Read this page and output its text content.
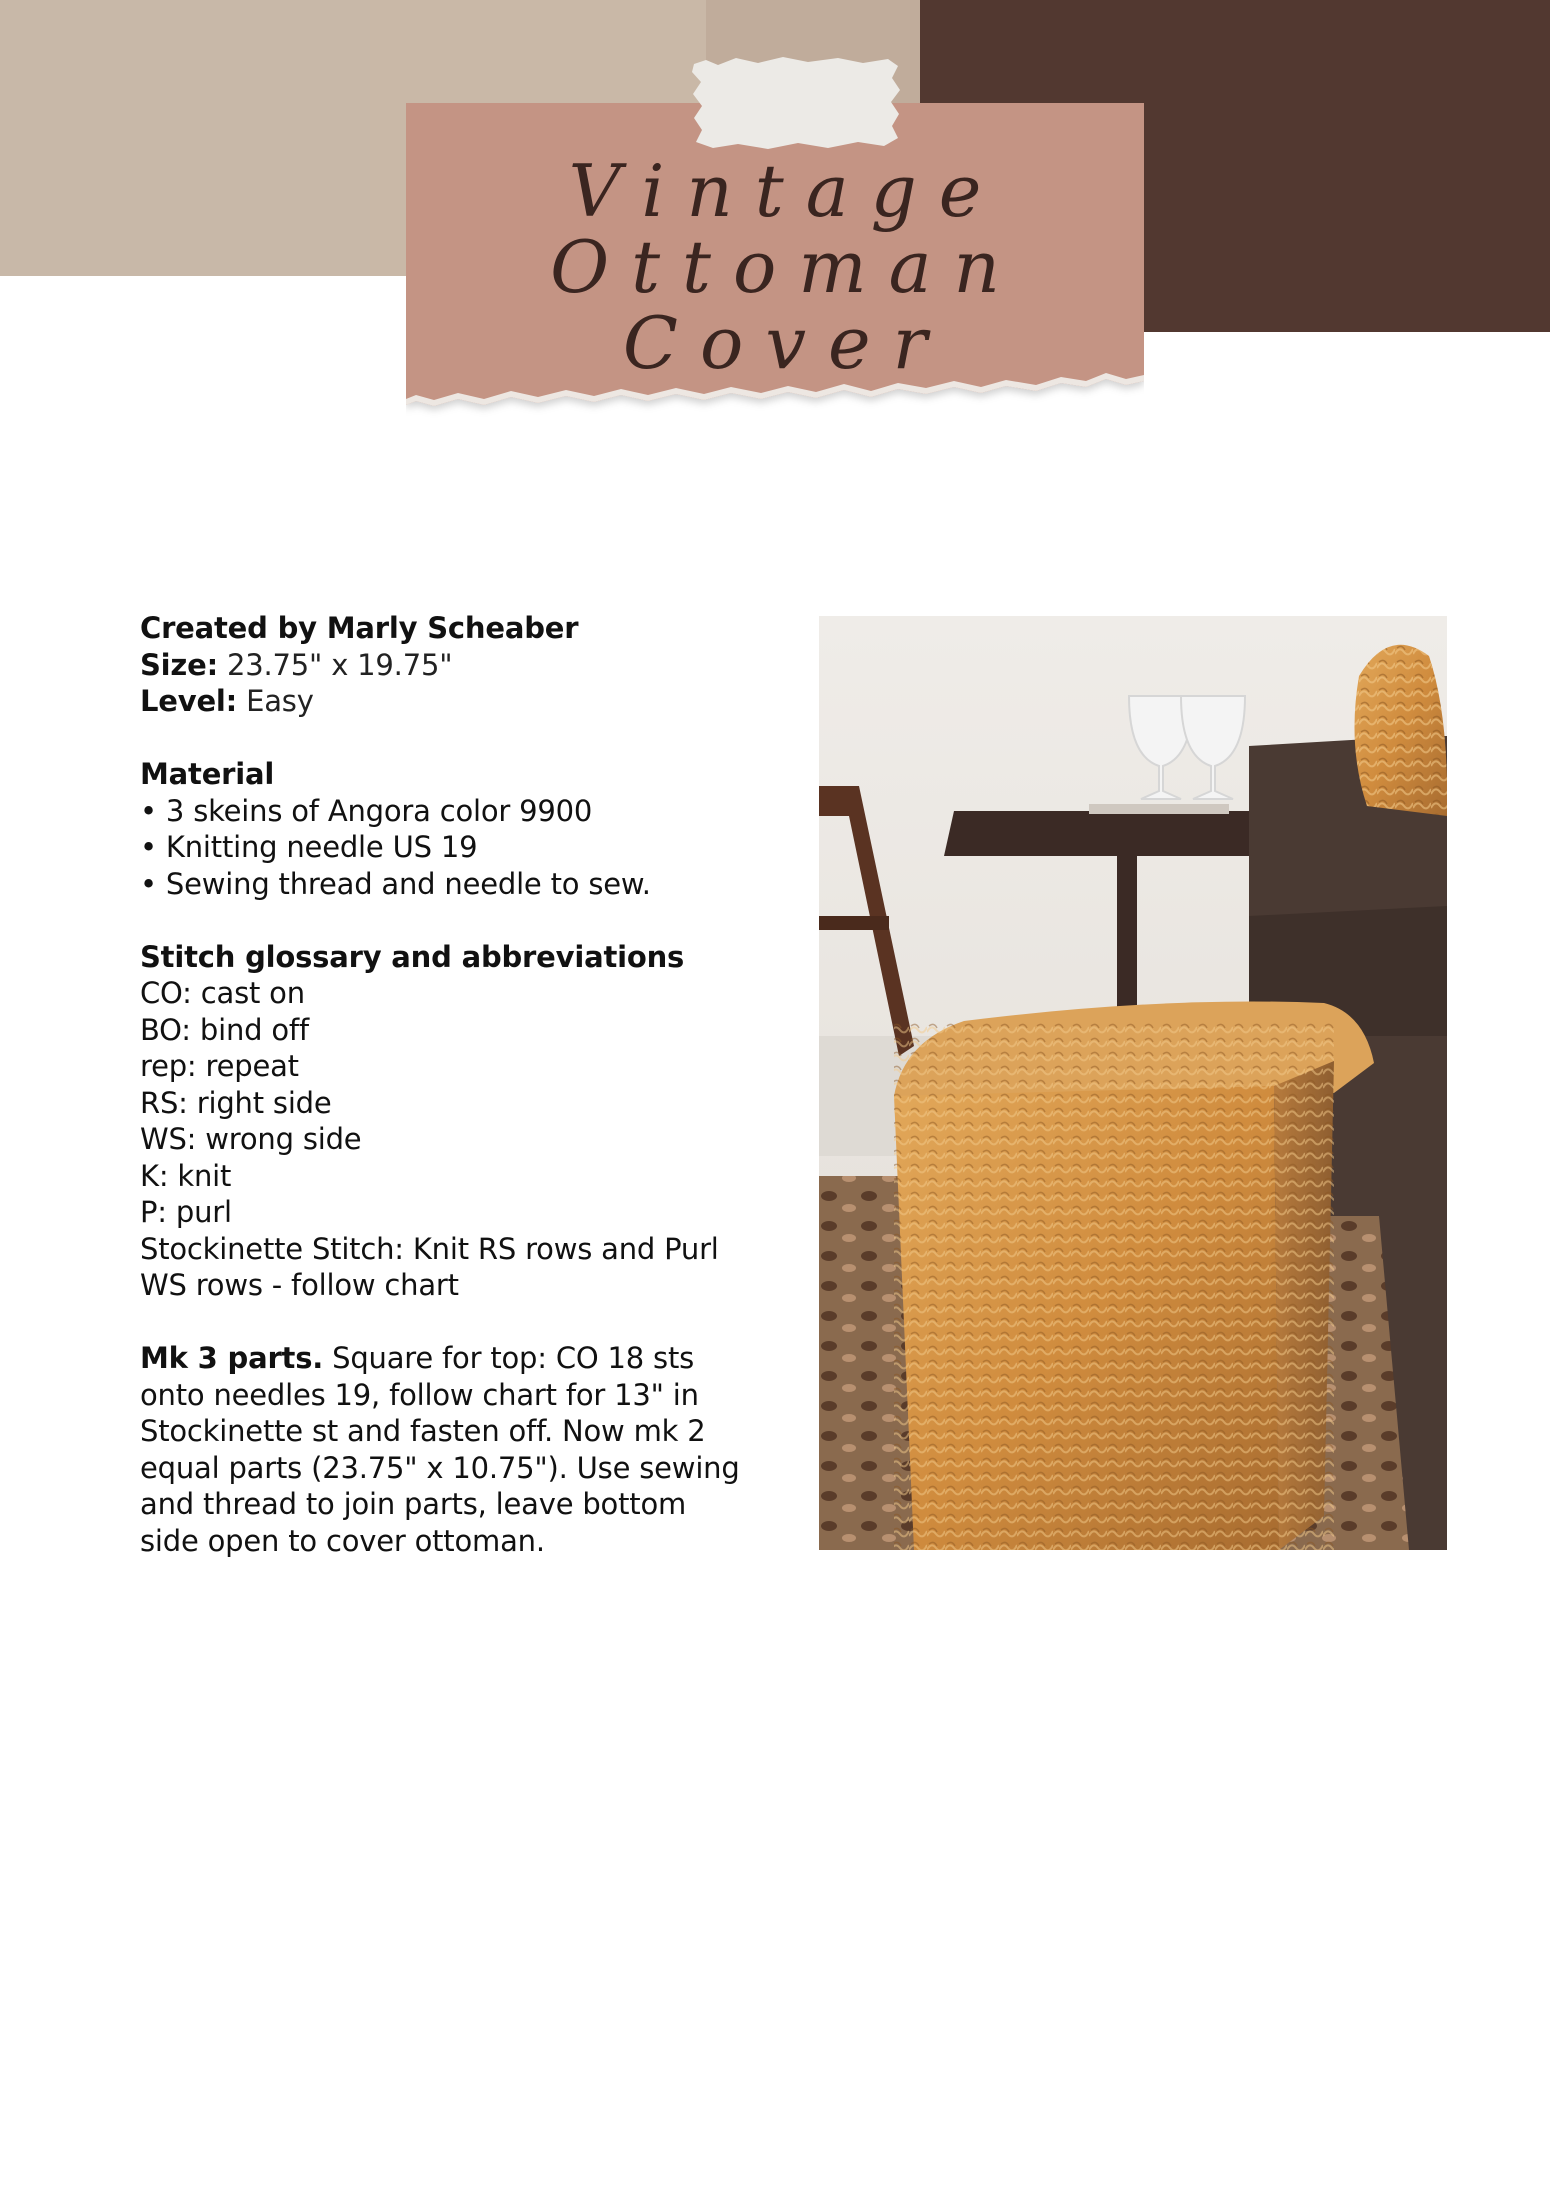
Vintage
Ottoman
Cover

Created by Marly Scheaber

Size: 23.75" x 19.75"

Level: Easy

Material

• 3 skeins of Angora color 9900

• Knitting needle US 19

• Sewing thread and needle to sew.

Stitch glossary and abbreviations

CO: cast on

BO: bind off

rep: repeat

RS: right side

WS: wrong side

K: knit

P: purl

Stockinette Stitch: Knit RS rows and Purl

WS rows - follow chart

Mk 3 parts. Square for top: CO 18 sts

onto needles 19, follow chart for 13" in

Stockinette st and fasten off. Now mk 2

equal parts (23.75" x 10.75"). Use sewing

and thread to join parts, leave bottom

side open to cover ottoman.
